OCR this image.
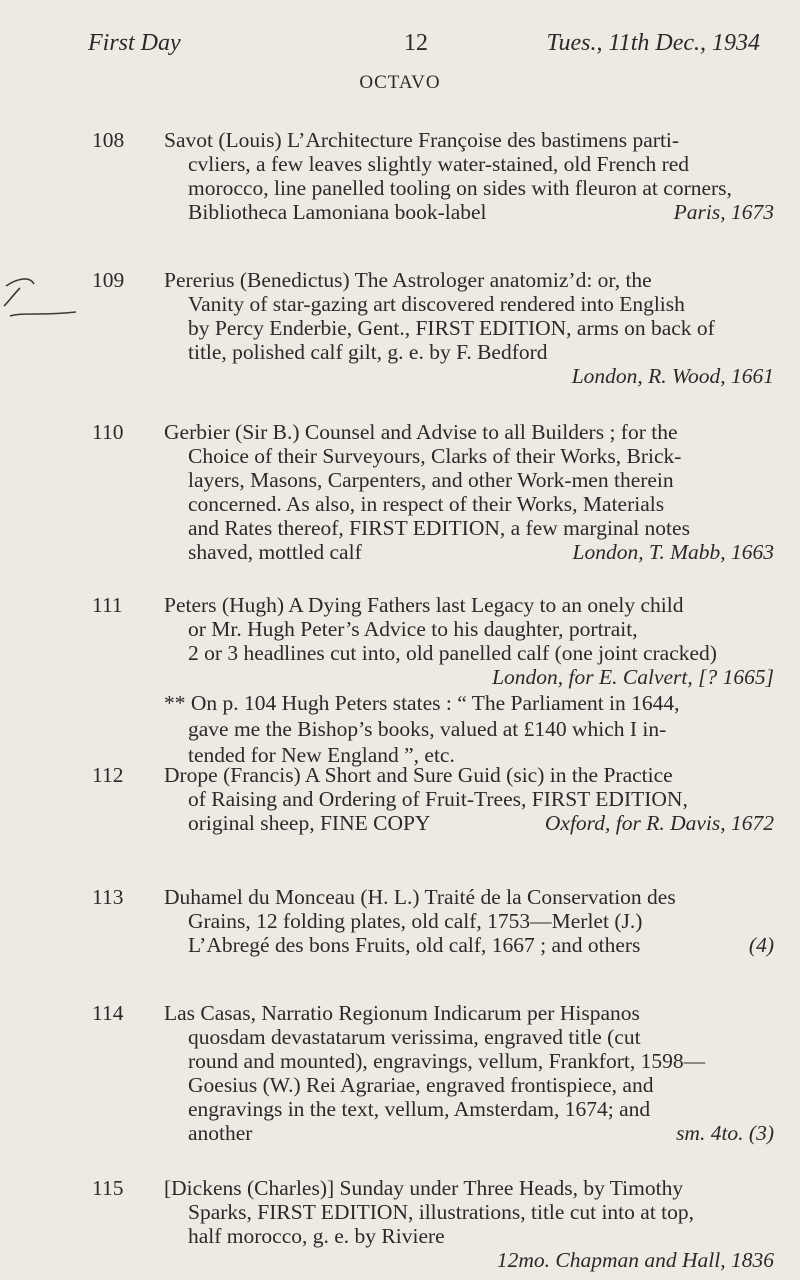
First Day	12	Tues., 11th Dec., 1934
OCTAVO
108	Savot (Louis) L’Architecture Françoise des bastimens parti-
cvliers, a few leaves slightly water-stained, old French red
morocco, line panelled tooling on sides with fleuron at corners,
Bibliotheca Lamoniana book-label	Paris, 1673
109	Pererius (Benedictus) The Astrologer anatomiz’d: or, the
Vanity of star-gazing art discovered rendered into English
by Percy Enderbie, Gent., FIRST EDITION, arms on back of
title, polished calf gilt, g. e. by F. Bedford
London, R. Wood, 1661
110	Gerbier (Sir B.) Counsel and Advise to all Builders ; for the
Choice of their Surveyours, Clarks of their Works, Brick-
layers, Masons, Carpenters, and other Work-men therein
concerned. As also, in respect of their Works, Materials
and Rates thereof, FIRST EDITION, a few marginal notes
shaved, mottled calf	London, T. Mabb, 1663
111	Peters (Hugh) A Dying Fathers last Legacy to an onely child
or Mr. Hugh Peter’s Advice to his daughter, portrait,
2 or 3 headlines cut into, old panelled calf (one joint cracked)
London, for E. Calvert, [? 1665]
** On p. 104 Hugh Peters states : “ The Parliament in 1644,
gave me the Bishop’s books, valued at £140 which I in-
tended for New England ”, etc.
112	Drope (Francis) A Short and Sure Guid (sic) in the Practice
of Raising and Ordering of Fruit-Trees, FIRST EDITION,
original sheep, FINE COPY	Oxford, for R. Davis, 1672
113	Duhamel du Monceau (H. L.) Traité de la Conservation des
Grains, 12 folding plates, old calf, 1753—Merlet (J.)
L’Abregé des bons Fruits, old calf, 1667 ; and others	(4)
114	Las Casas, Narratio Regionum Indicarum per Hispanos
quosdam devastatarum verissima, engraved title (cut
round and mounted), engravings, vellum, Frankfort, 1598—
Goesius (W.) Rei Agrariae, engraved frontispiece, and
engravings in the text, vellum, Amsterdam, 1674; and
another	sm. 4to. (3)
115	[Dickens (Charles)] Sunday under Three Heads, by Timothy
Sparks, FIRST EDITION, illustrations, title cut into at top,
half morocco, g. e. by Riviere
12mo. Chapman and Hall, 1836
